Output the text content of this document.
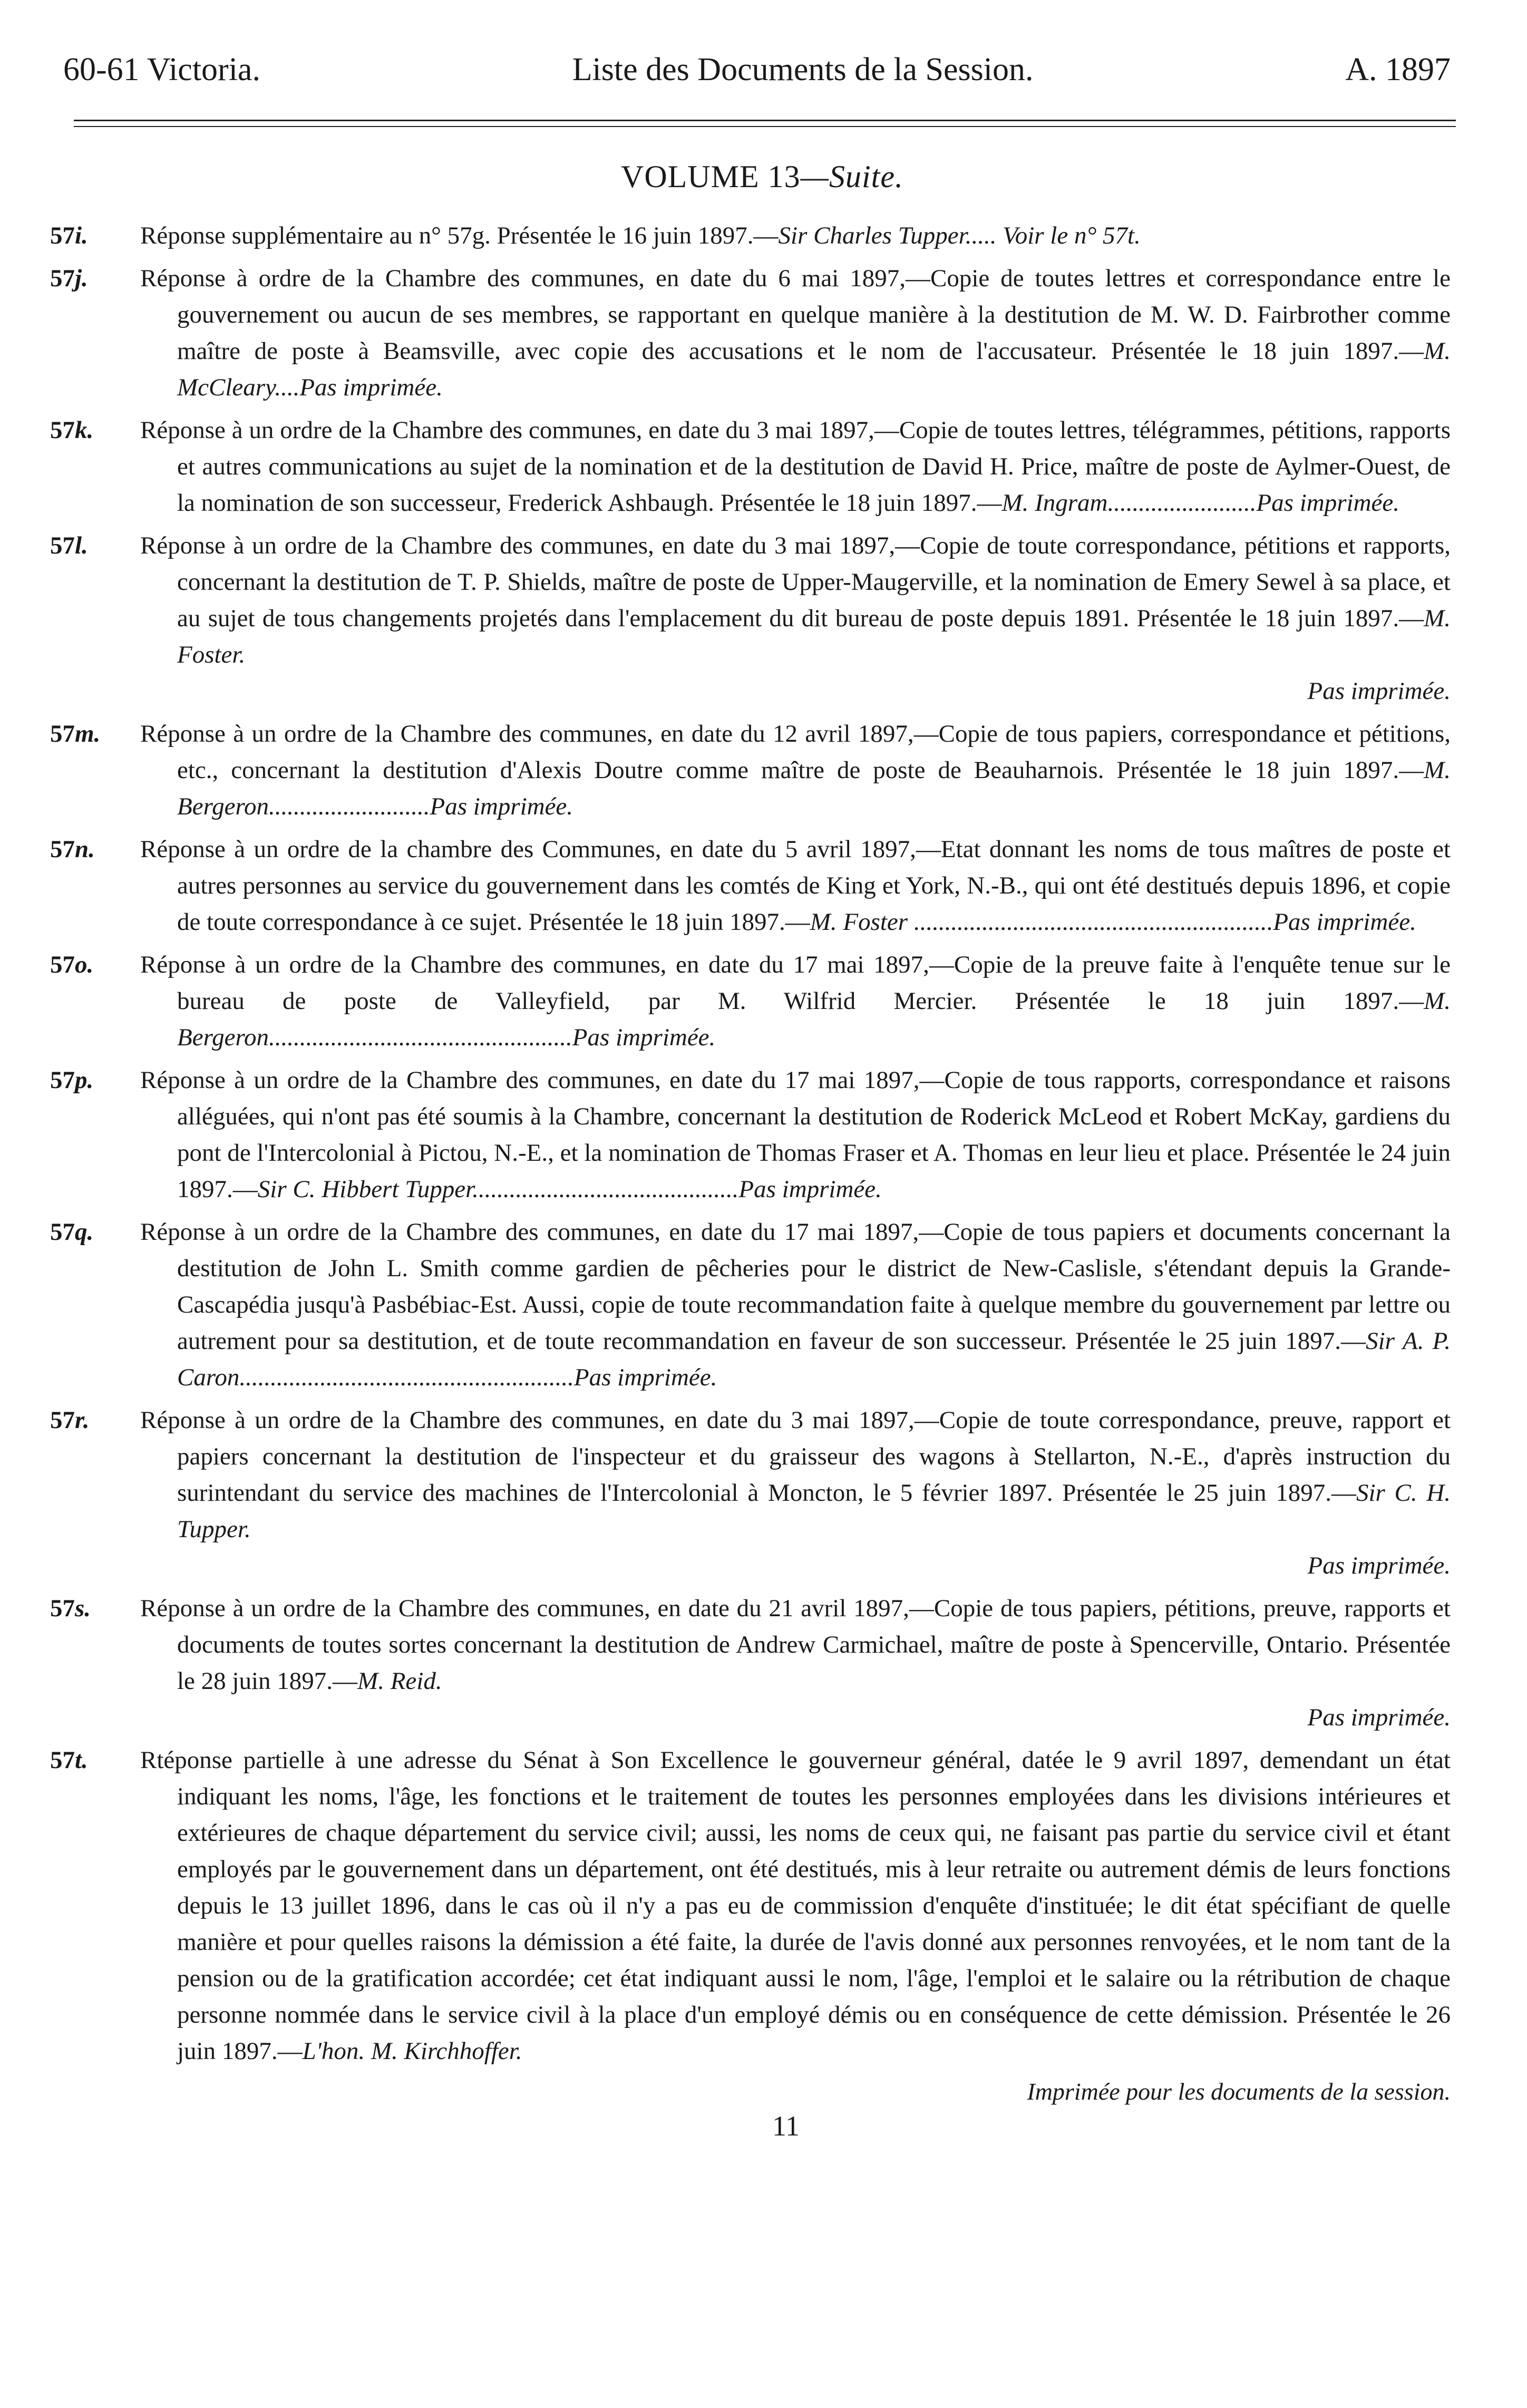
60-61 Victoria.	Liste des Documents de la Session.	A. 1897
VOLUME 13—Suite.
57i. Réponse supplémentaire au n° 57g. Présentée le 16 juin 1897.—Sir Charles Tupper..... Voir le n° 57t.
57j. Réponse à ordre de la Chambre des communes, en date du 6 mai 1897,—Copie de toutes lettres et correspondance entre le gouvernement ou aucun de ses membres, se rapportant en quelque manière à la destitution de M. W. D. Fairbrother comme maître de poste à Beamsville, avec copie des accusations et le nom de l'accusateur. Présentée le 18 juin 1897.—M. McCleary....Pas imprimée.
57k. Réponse à un ordre de la Chambre des communes, en date du 3 mai 1897,—Copie de toutes lettres, télégrammes, pétitions, rapports et autres communications au sujet de la nomination et de la destitution de David H. Price, maître de poste de Aylmer-Ouest, de la nomination de son successeur, Frederick Ashbaugh. Présentée le 18 juin 1897.—M. Ingram........................Pas imprimée.
57l. Réponse à un ordre de la Chambre des communes, en date du 3 mai 1897,—Copie de toute correspondance, pétitions et rapports, concernant la destitution de T. P. Shields, maître de poste de Upper-Maugerville, et la nomination de Emery Sewel à sa place, et au sujet de tous changements projetés dans l'emplacement du dit bureau de poste depuis 1891. Présentée le 18 juin 1897.—M. Foster.
Pas imprimée.
57m. Réponse à un ordre de la Chambre des communes, en date du 12 avril 1897,—Copie de tous papiers, correspondance et pétitions, etc., concernant la destitution d'Alexis Doutre comme maître de poste de Beauharnois. Présentée le 18 juin 1897.—M. Bergeron..........................Pas imprimée.
57n. Réponse à un ordre de la chambre des Communes, en date du 5 avril 1897,—Etat donnant les noms de tous maîtres de poste et autres personnes au service du gouvernement dans les comtés de King et York, N.-B., qui ont été destitués depuis 1896, et copie de toute correspondance à ce sujet. Présentée le 18 juin 1897.—M. Foster ..........................................................Pas imprimée.
57o. Réponse à un ordre de la Chambre des communes, en date du 17 mai 1897,—Copie de la preuve faite à l'enquête tenue sur le bureau de poste de Valleyfield, par M. Wilfrid Mercier. Présentée le 18 juin 1897.—M. Bergeron.................................................Pas imprimée.
57p. Réponse à un ordre de la Chambre des communes, en date du 17 mai 1897,—Copie de tous rapports, correspondance et raisons alléguées, qui n'ont pas été soumis à la Chambre, concernant la destitution de Roderick McLeod et Robert McKay, gardiens du pont de l'Intercolonial à Pictou, N.-E., et la nomination de Thomas Fraser et A. Thomas en leur lieu et place. Présentée le 24 juin 1897.—Sir C. Hibbert Tupper...........................................Pas imprimée.
57q. Réponse à un ordre de la Chambre des communes, en date du 17 mai 1897,—Copie de tous papiers et documents concernant la destitution de John L. Smith comme gardien de pêcheries pour le district de New-Caslisle, s'étendant depuis la Grande-Cascapédia jusqu'à Pasbébiac-Est. Aussi, copie de toute recommandation faite à quelque membre du gouvernement par lettre ou autrement pour sa destitution, et de toute recommandation en faveur de son successeur. Présentée le 25 juin 1897.—Sir A. P. Caron......................................................Pas imprimée.
57r. Réponse à un ordre de la Chambre des communes, en date du 3 mai 1897,—Copie de toute correspondance, preuve, rapport et papiers concernant la destitution de l'inspecteur et du graisseur des wagons à Stellarton, N.-E., d'après instruction du surintendant du service des machines de l'Intercolonial à Moncton, le 5 février 1897. Présentée le 25 juin 1897.—Sir C. H. Tupper.
Pas imprimée.
57s. Réponse à un ordre de la Chambre des communes, en date du 21 avril 1897,—Copie de tous papiers, pétitions, preuve, rapports et documents de toutes sortes concernant la destitution de Andrew Carmichael, maître de poste à Spencerville, Ontario. Présentée le 28 juin 1897.—M. Reid.
Pas imprimée.
57t. Rtéponse partielle à une adresse du Sénat à Son Excellence le gouverneur général, datée le 9 avril 1897, demendant un état indiquant les noms, l'âge, les fonctions et le traitement de toutes les personnes employées dans les divisions intérieures et extérieures de chaque département du service civil; aussi, les noms de ceux qui, ne faisant pas partie du service civil et étant employés par le gouvernement dans un département, ont été destitués, mis à leur retraite ou autrement démis de leurs fonctions depuis le 13 juillet 1896, dans le cas où il n'y a pas eu de commission d'enquête d'instituée; le dit état spécifiant de quelle manière et pour quelles raisons la démission a été faite, la durée de l'avis donné aux personnes renvoyées, et le nom tant de la pension ou de la gratification accordée; cet état indiquant aussi le nom, l'âge, l'emploi et le salaire ou la rétribution de chaque personne nommée dans le service civil à la place d'un employé démis ou en conséquence de cette démission. Présentée le 26 juin 1897.—L'hon. M. Kirchhoffer.
Imprimée pour les documents de la session.
11
